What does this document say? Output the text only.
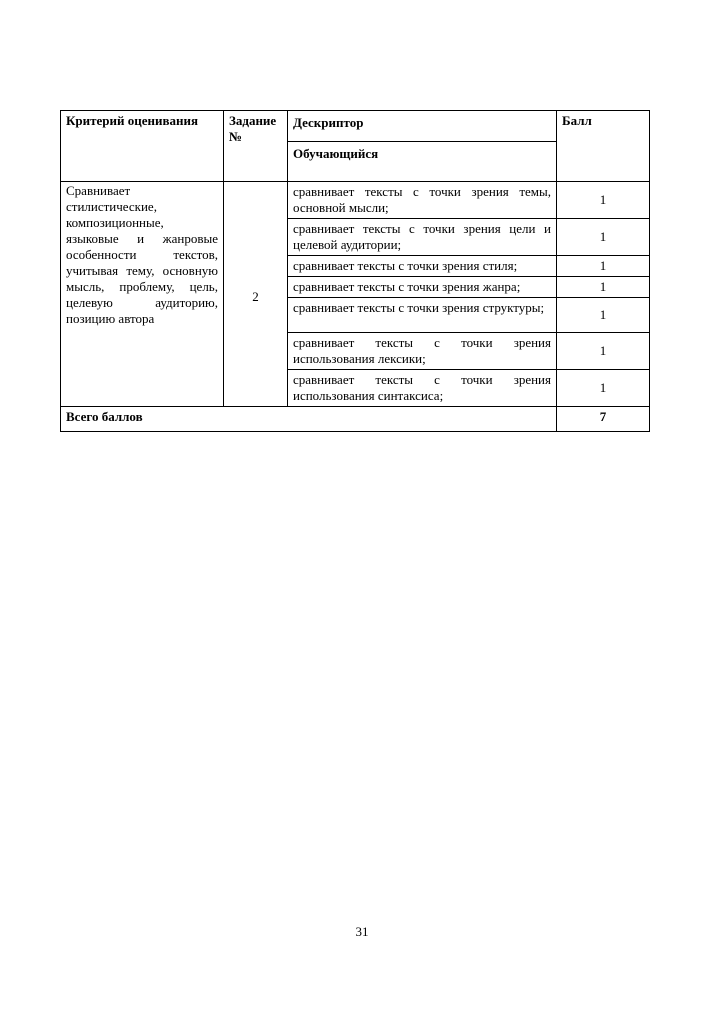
Критерий оценивания	Задание №	Дескриптор	Балл
		Обучающийся	
Сравнивает стилистические, композиционные, языковые и жанровые особенности текстов, учитывая тему, основную мысль, проблему, цель, целевую аудиторию, позицию автора	2	сравнивает тексты с точки зрения темы, основной мысли;	1
		сравнивает тексты с точки зрения цели и целевой аудитории;	1
		сравнивает тексты с точки зрения стиля;	1
		сравнивает тексты с точки зрения жанра;	1
		сравнивает тексты с точки зрения структуры;	1
		сравнивает тексты с точки зрения использования лексики;	1
		сравнивает тексты с точки зрения использования синтаксиса;	1
Всего баллов			7
31
